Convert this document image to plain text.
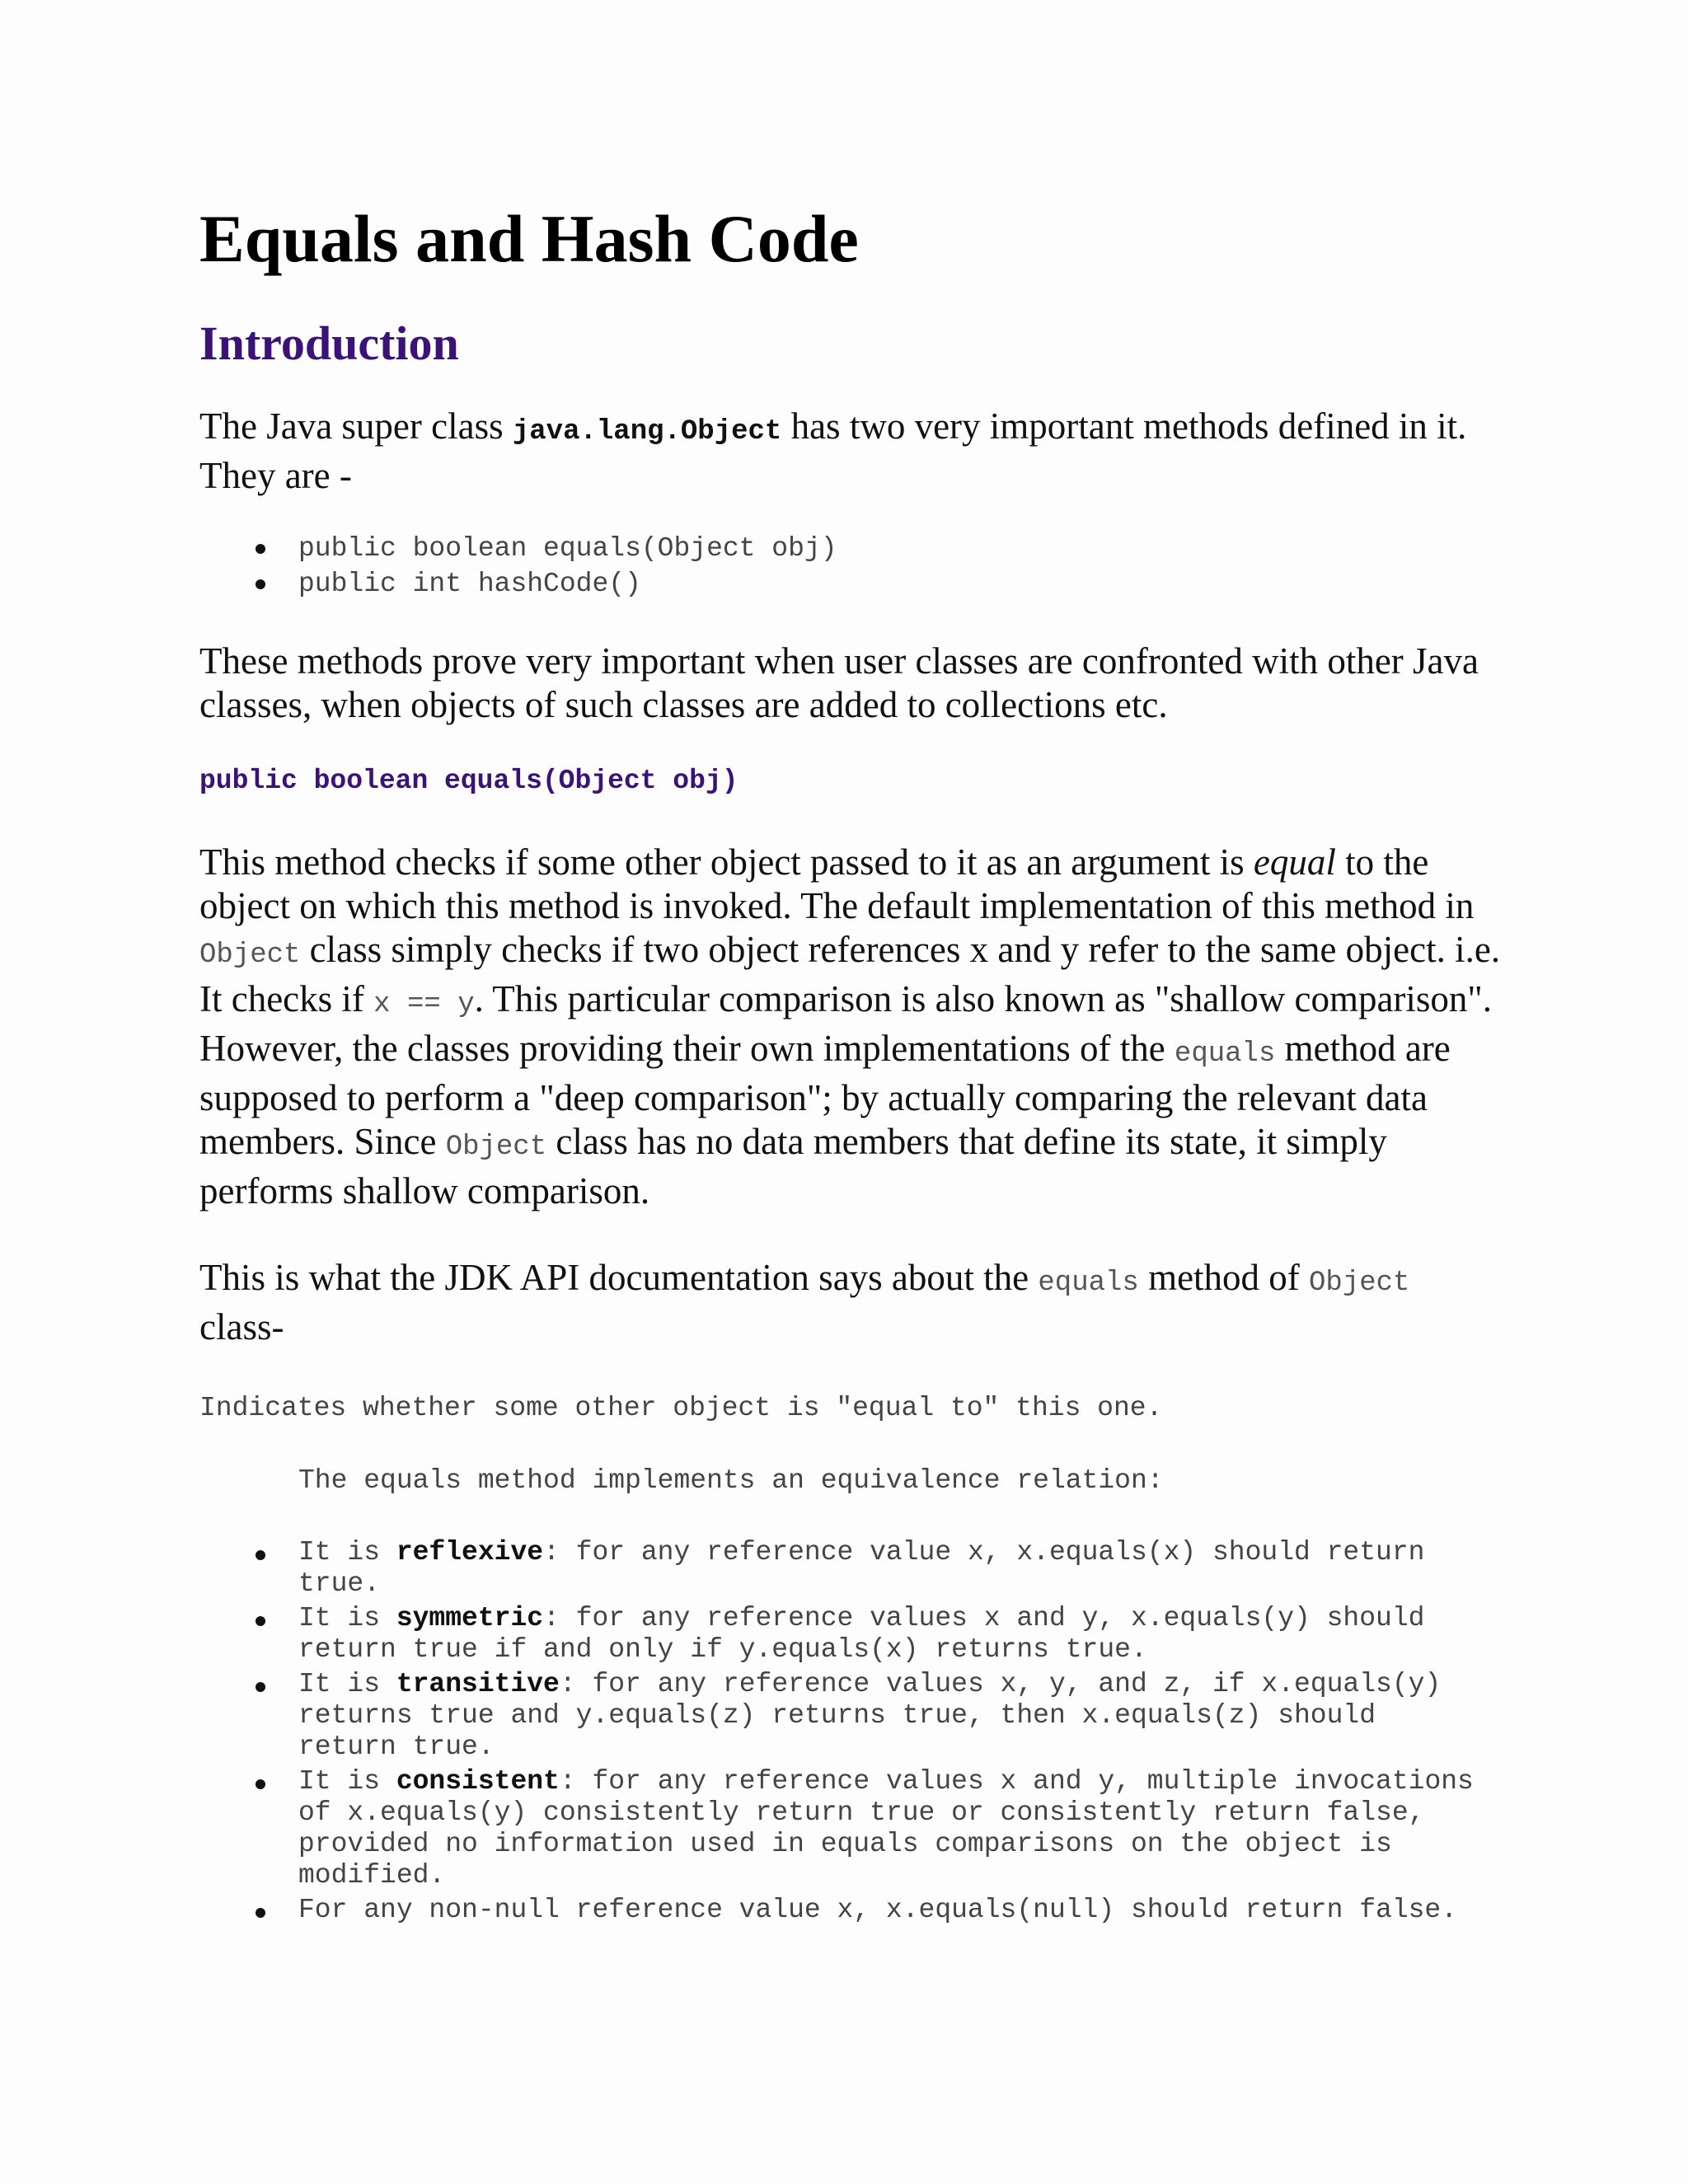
Equals and Hash Code
Introduction

The Java super class java.lang.Object has two very important methods defined in it. They are -

public boolean equals(Object obj)
public int hashCode()

These methods prove very important when user classes are confronted with other Java classes, when objects of such classes are added to collections etc.

public boolean equals(Object obj)

This method checks if some other object passed to it as an argument is equal to the object on which this method is invoked. The default implementation of this method in Object class simply checks if two object references x and y refer to the same object. i.e. It checks if x == y. This particular comparison is also known as "shallow comparison". However, the classes providing their own implementations of the equals method are supposed to perform a "deep comparison"; by actually comparing the relevant data members. Since Object class has no data members that define its state, it simply performs shallow comparison.

This is what the JDK API documentation says about the equals method of Object class-

Indicates whether some other object is "equal to" this one.
The equals method implements an equivalence relation:
It is reflexive: for any reference value x, x.equals(x) should return true.
It is symmetric: for any reference values x and y, x.equals(y) should return true if and only if y.equals(x) returns true.
It is transitive: for any reference values x, y, and z, if x.equals(y) returns true and y.equals(z) returns true, then x.equals(z) should return true.
It is consistent: for any reference values x and y, multiple invocations of x.equals(y) consistently return true or consistently return false, provided no information used in equals comparisons on the object is modified.
For any non-null reference value x, x.equals(null) should return false.
